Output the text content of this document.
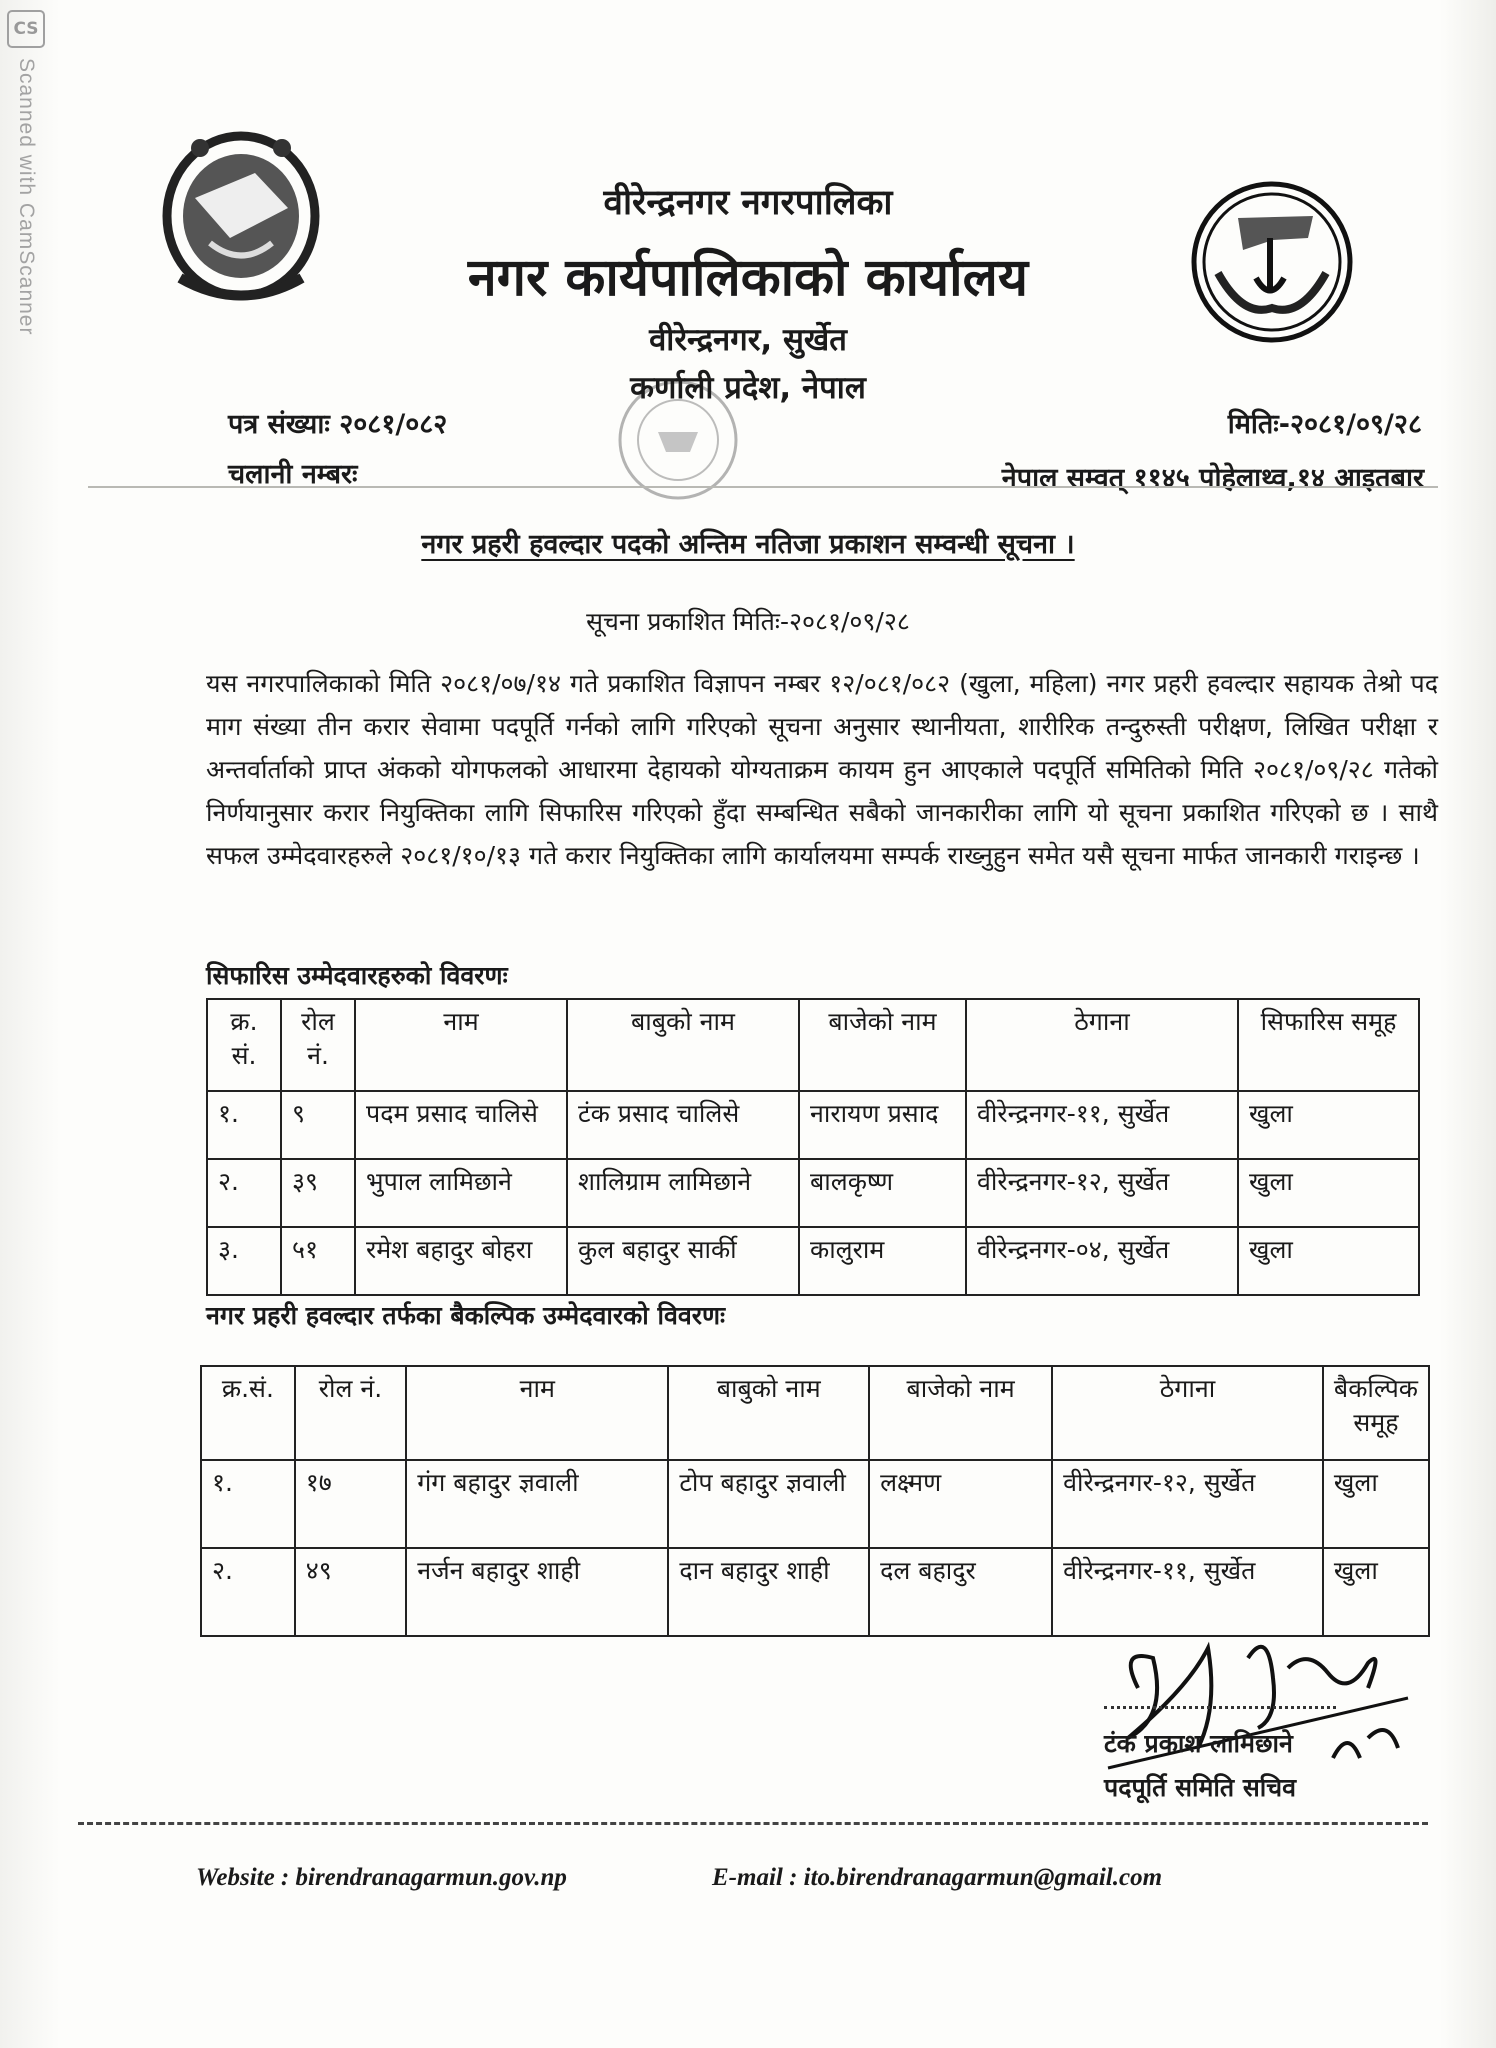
CS
Scanned with CamScanner	वीरेन्द्रनगर नगरपालिका
नगर कार्यपालिकाको कार्यालय
वीरेन्द्रनगर, सुर्खेत
कर्णाली प्रदेश, नेपाल
पत्र संख्याः २०८१/०८२
चलानी नम्बरः
मितिः-२०८१/०९/२८
नेपाल सम्वत् ११४५ पोहेलाथ्व,१४ आइतबार
नगर प्रहरी हवल्दार पदको अन्तिम नतिजा प्रकाशन सम्वन्धी सूचना ।
सूचना प्रकाशित मितिः-२०८१/०९/२८
यस नगरपालिकाको मिति २०८१/०७/१४ गते प्रकाशित विज्ञापन नम्बर १२/०८१/०८२ (खुला, महिला) नगर प्रहरी हवल्दार सहायक तेश्रो पद माग संख्या तीन करार सेवामा पदपूर्ति गर्नको लागि गरिएको सूचना अनुसार स्थानीयता, शारीरिक तन्दुरुस्ती परीक्षण, लिखित परीक्षा र अन्तर्वार्ताको प्राप्त अंकको योगफलको आधारमा देहायको योग्यताक्रम कायम हुन आएकाले पदपूर्ति समितिको मिति २०८१/०९/२८ गतेको निर्णयानुसार करार नियुक्तिका लागि सिफारिस गरिएको हुँदा सम्बन्धित सबैको जानकारीका लागि यो सूचना प्रकाशित गरिएको छ । साथै सफल उम्मेदवारहरुले २०८१/१०/१३ गते करार नियुक्तिका लागि कार्यालयमा सम्पर्क राख्नुहुन समेत यसै सूचना मार्फत जानकारी गराइन्छ ।
सिफारिस उम्मेदवारहरुको विवरणः
क्र. सं.	रोल नं.	नाम	बाबुको नाम	बाजेको नाम	ठेगाना	सिफारिस समूह
१.	९	पदम प्रसाद चालिसे	टंक प्रसाद चालिसे	नारायण प्रसाद	वीरेन्द्रनगर-११, सुर्खेत	खुला
२.	३९	भुपाल लामिछाने	शालिग्राम लामिछाने	बालकृष्ण	वीरेन्द्रनगर-१२, सुर्खेत	खुला
३.	५१	रमेश बहादुर बोहरा	कुल बहादुर सार्की	कालुराम	वीरेन्द्रनगर-०४, सुर्खेत	खुला
नगर प्रहरी हवल्दार तर्फका बैकल्पिक उम्मेदवारको विवरणः
क्र.सं.	रोल नं.	नाम	बाबुको नाम	बाजेको नाम	ठेगाना	बैकल्पिक समूह
१.	१७	गंग बहादुर ज्ञवाली	टोप बहादुर ज्ञवाली	लक्ष्मण	वीरेन्द्रनगर-१२, सुर्खेत	खुला
२.	४९	नर्जन बहादुर शाही	दान बहादुर शाही	दल बहादुर	वीरेन्द्रनगर-११, सुर्खेत	खुला
टंक प्रकाश लामिछाने
पदपूर्ति समिति सचिव
Website : birendranagarmun.gov.np	E-mail : ito.birendranagarmun@gmail.com
